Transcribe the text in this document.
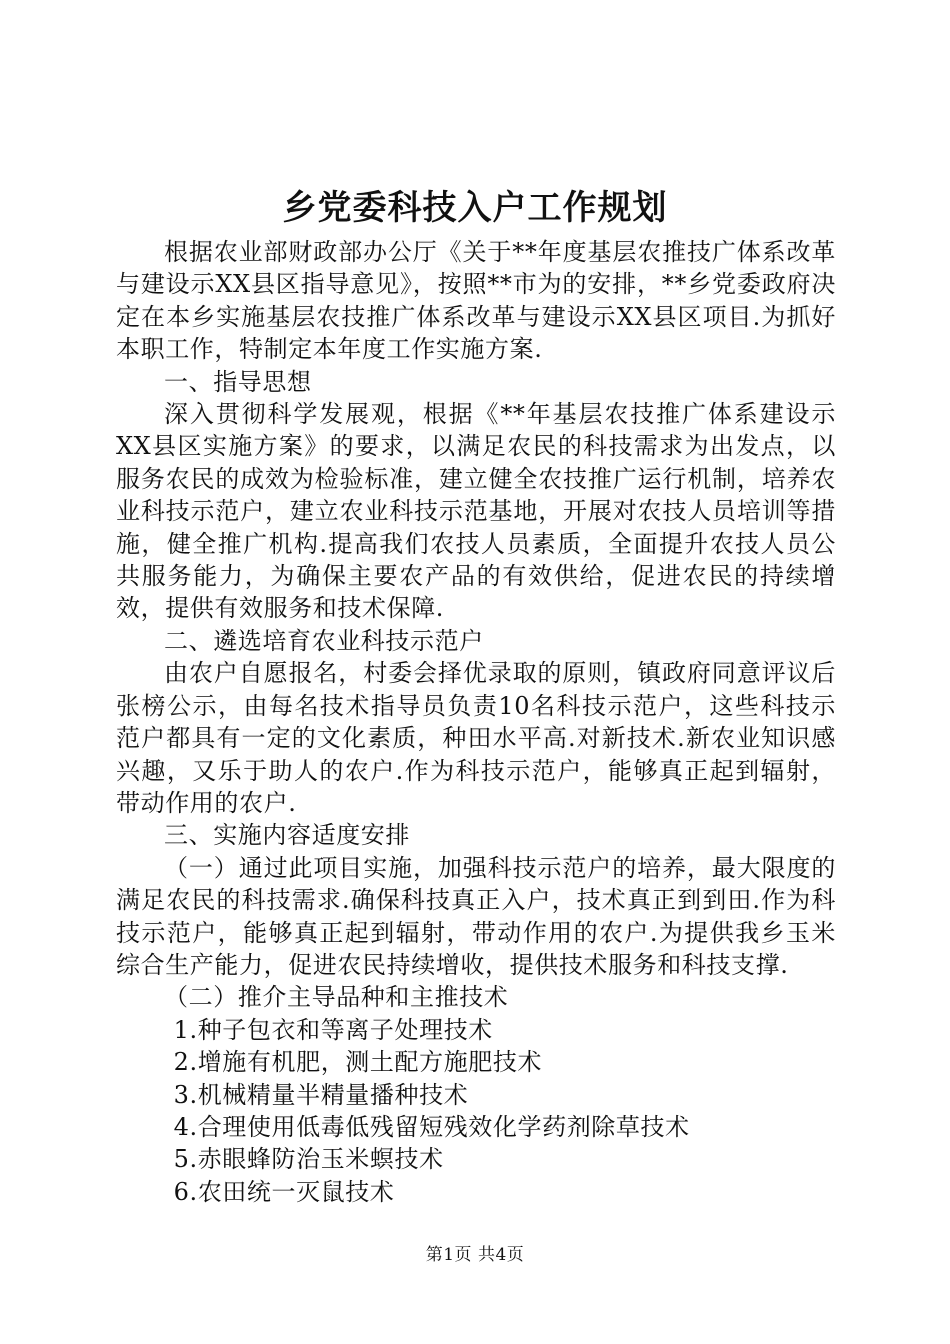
乡党委科技入户工作规划

根据农业部财政部办公厅《关于**年度基层农推技广体系改革与建设示XX县区指导意见》，按照**市为的安排，**乡党委政府决定在本乡实施基层农技推广体系改革与建设示XX县区项目.为抓好本职工作，特制定本年度工作实施方案.

一、指导思想

深入贯彻科学发展观，根据《**年基层农技推广体系建设示XX县区实施方案》的要求，以满足农民的科技需求为出发点，以服务农民的成效为检验标准，建立健全农技推广运行机制，培养农业科技示范户，建立农业科技示范基地，开展对农技人员培训等措施，健全推广机构.提高我们农技人员素质，全面提升农技人员公共服务能力，为确保主要农产品的有效供给，促进农民的持续增效，提供有效服务和技术保障.

二、遴选培育农业科技示范户

由农户自愿报名，村委会择优录取的原则，镇政府同意评议后张榜公示，由每名技术指导员负责10名科技示范户，这些科技示范户都具有一定的文化素质，种田水平高.对新技术.新农业知识感兴趣，又乐于助人的农户.作为科技示范户，能够真正起到辐射，带动作用的农户.

三、实施内容适度安排

（一）通过此项目实施，加强科技示范户的培养，最大限度的满足农民的科技需求.确保科技真正入户，技术真正到到田.作为科技示范户，能够真正起到辐射，带动作用的农户.为提供我乡玉米综合生产能力，促进农民持续增收，提供技术服务和科技支撑.

（二）推介主导品种和主推技术

1.种子包衣和等离子处理技术

2.增施有机肥，测土配方施肥技术

3.机械精量半精量播种技术

4.合理使用低毒低残留短残效化学药剂除草技术

5.赤眼蜂防治玉米螟技术

6.农田统一灭鼠技术

第1页 共4页
